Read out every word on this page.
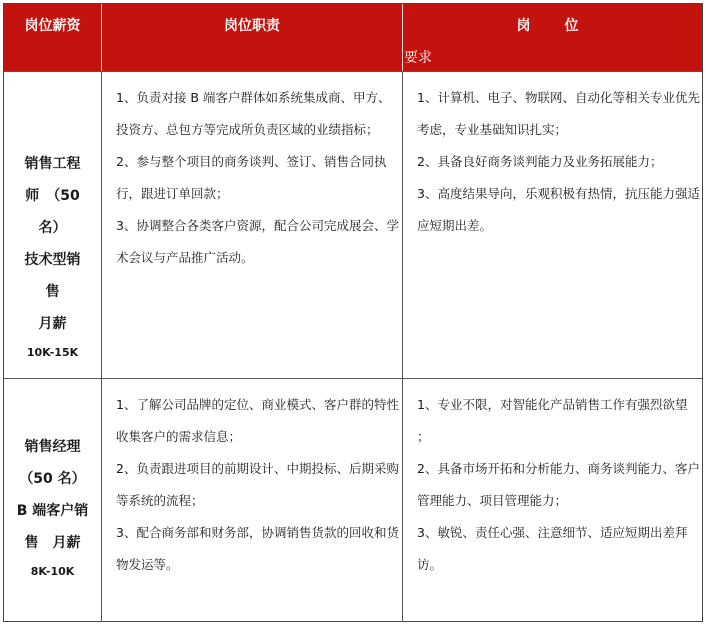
岗位薪资	岗位职责	岗　位
要求
销售工程
师　（50
名）
技术型销
售
月薪
10K-15K
1、负责对接 B 端客户群体如系统集成商、甲方、投资方、总包方等完成所负责区域的业绩指标；
2、参与整个项目的商务谈判、签订、销售合同执行，跟进订单回款；
3、协调整合各类客户资源，配合公司完成展会、学术会议与产品推广活动。
1、计算机、电子、物联网、自动化等相关专业优先考虑，专业基础知识扎实；
2、具备良好商务谈判能力及业务拓展能力；
3、高度结果导向，乐观积极有热情，抗压能力强适应短期出差。
销售经理
（50 名）
B 端客户销
售　月薪
8K-10K
1、了解公司品牌的定位、商业模式、客户群的特性收集客户的需求信息；
2、负责跟进项目的前期设计、中期投标、后期采购等系统的流程；
3、配合商务部和财务部，协调销售货款的回收和货物发运等。
1、专业不限，对智能化产品销售工作有强烈欲望 ；
2、具备市场开拓和分析能力、商务谈判能力、客户管理能力、项目管理能力；
3、敏锐、责任心强、注意细节、适应短期出差拜访。
